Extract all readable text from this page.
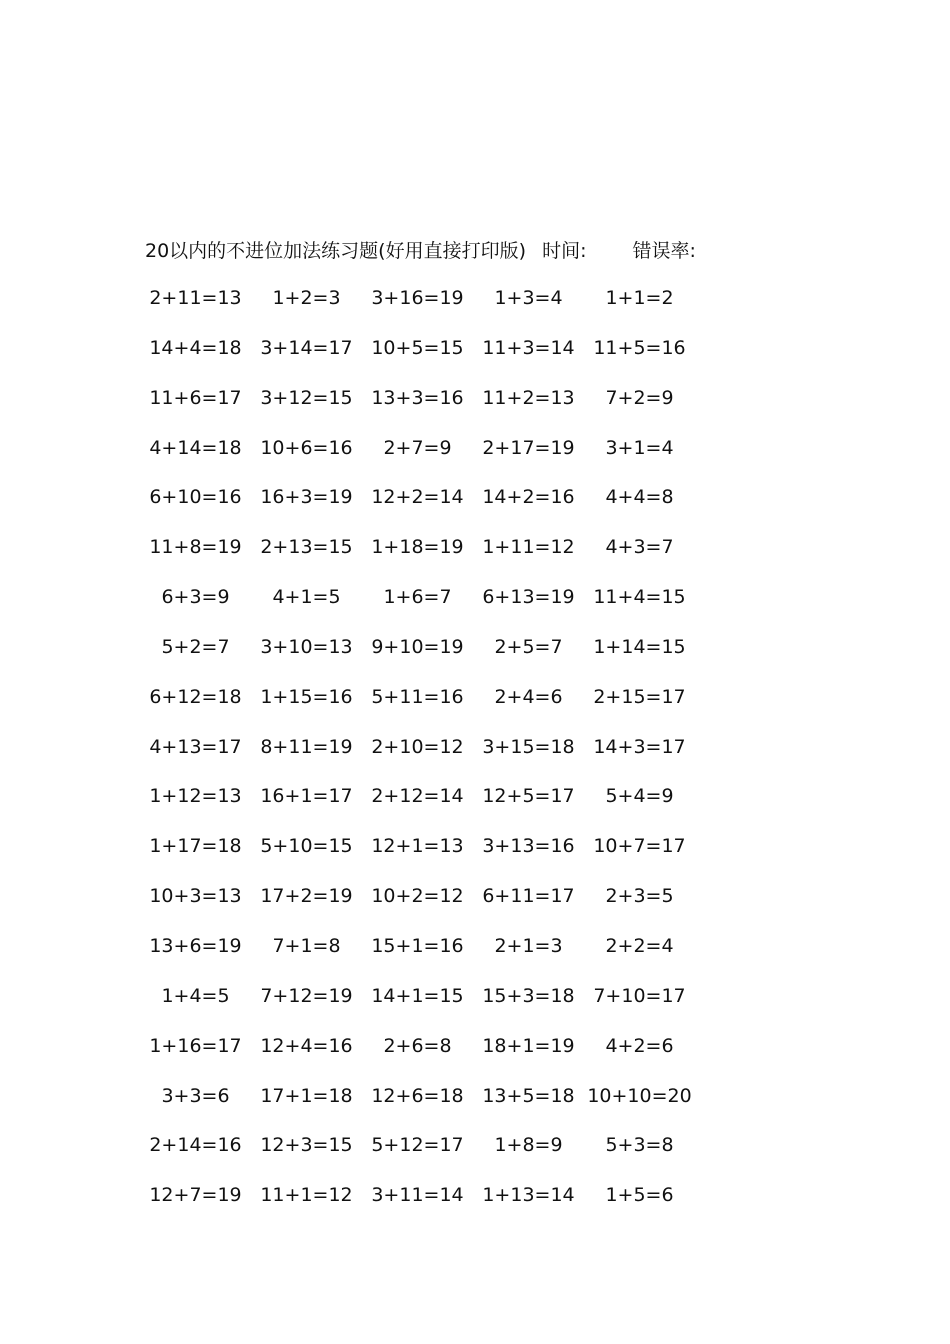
20以内的不进位加法练习题(好用直接打印版) 时间: 错误率:
2+11=13	1+2=3	3+16=19	1+3=4	1+1=2
14+4=18 3+14=17 10+5=15 11+3=14 11+5=16
11+6=17 3+12=15 13+3=16 11+2=13	7+2=9
4+14=18 10+6=16	2+7=9	2+17=19	3+1=4
6+10=16 16+3=19 12+2=14 14+2=16	4+4=8
11+8=19 2+13=15 1+18=19 1+11=12	4+3=7
6+3=9	4+1=5	1+6=7	6+13=19 11+4=15
5+2=7	3+10=13 9+10=19	2+5=7	1+14=15
6+12=18 1+15=16 5+11=16	2+4=6	2+15=17
4+13=17 8+11=19 2+10=12 3+15=18 14+3=17
1+12=13 16+1=17 2+12=14 12+5=17	5+4=9
1+17=18 5+10=15 12+1=13 3+13=16 10+7=17
10+3=13 17+2=19 10+2=12 6+11=17	2+3=5
13+6=19	7+1=8	15+1=16	2+1=3	2+2=4
1+4=5	7+12=19 14+1=15 15+3=18 7+10=17
1+16=17 12+4=16	2+6=8	18+1=19	4+2=6
3+3=6	17+1=18 12+6=18 13+5=18 10+10=20
2+14=16 12+3=15 5+12=17	1+8=9	5+3=8
12+7=19 11+1=12 3+11=14 1+13=14	1+5=6
